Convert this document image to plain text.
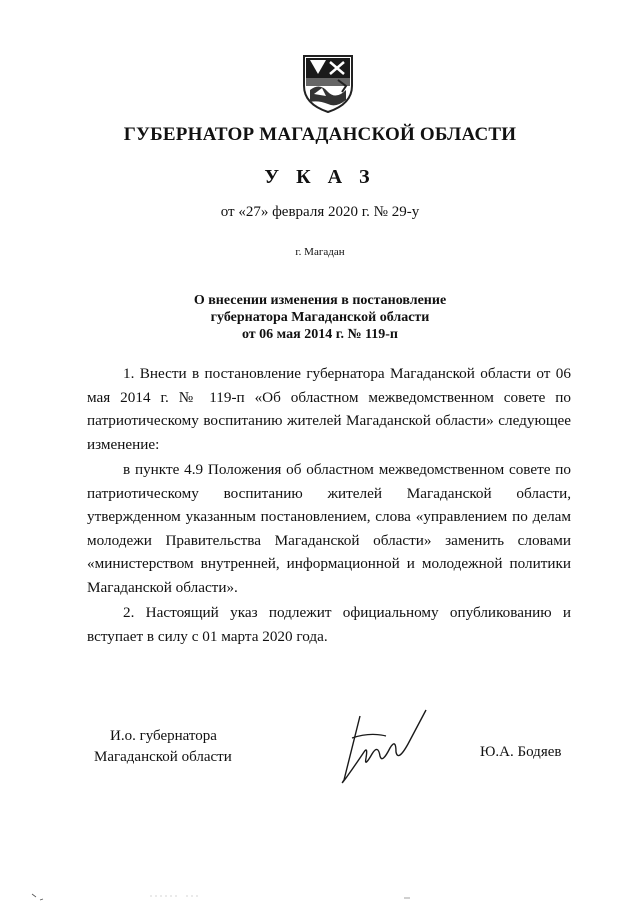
ГУБЕРНАТОР МАГАДАНСКОЙ ОБЛАСТИ
У К А З
от «27» февраля 2020 г. № 29-у
г. Магадан
О внесении изменения в постановление
губернатора Магаданской области
от 06 мая 2014 г. № 119-п

1. Внести в постановление губернатора Магаданской области от 06 мая 2014 г. № 119-п «Об областном межведомственном совете по патриотическому воспитанию жителей Магаданской области» следующее изменение:

в пункте 4.9 Положения об областном межведомственном совете по патриотическому воспитанию жителей Магаданской области, утвержденном указанным постановлением, слова «управлением по делам молодежи Правительства Магаданской области» заменить словами «министерством внутренней, информационной и молодежной политики Магаданской области».

2. Настоящий указ подлежит официальному опубликованию и вступает в силу с 01 марта 2020 года.

И.о. губернатора
Магаданской области	Ю.А. Бодяев
